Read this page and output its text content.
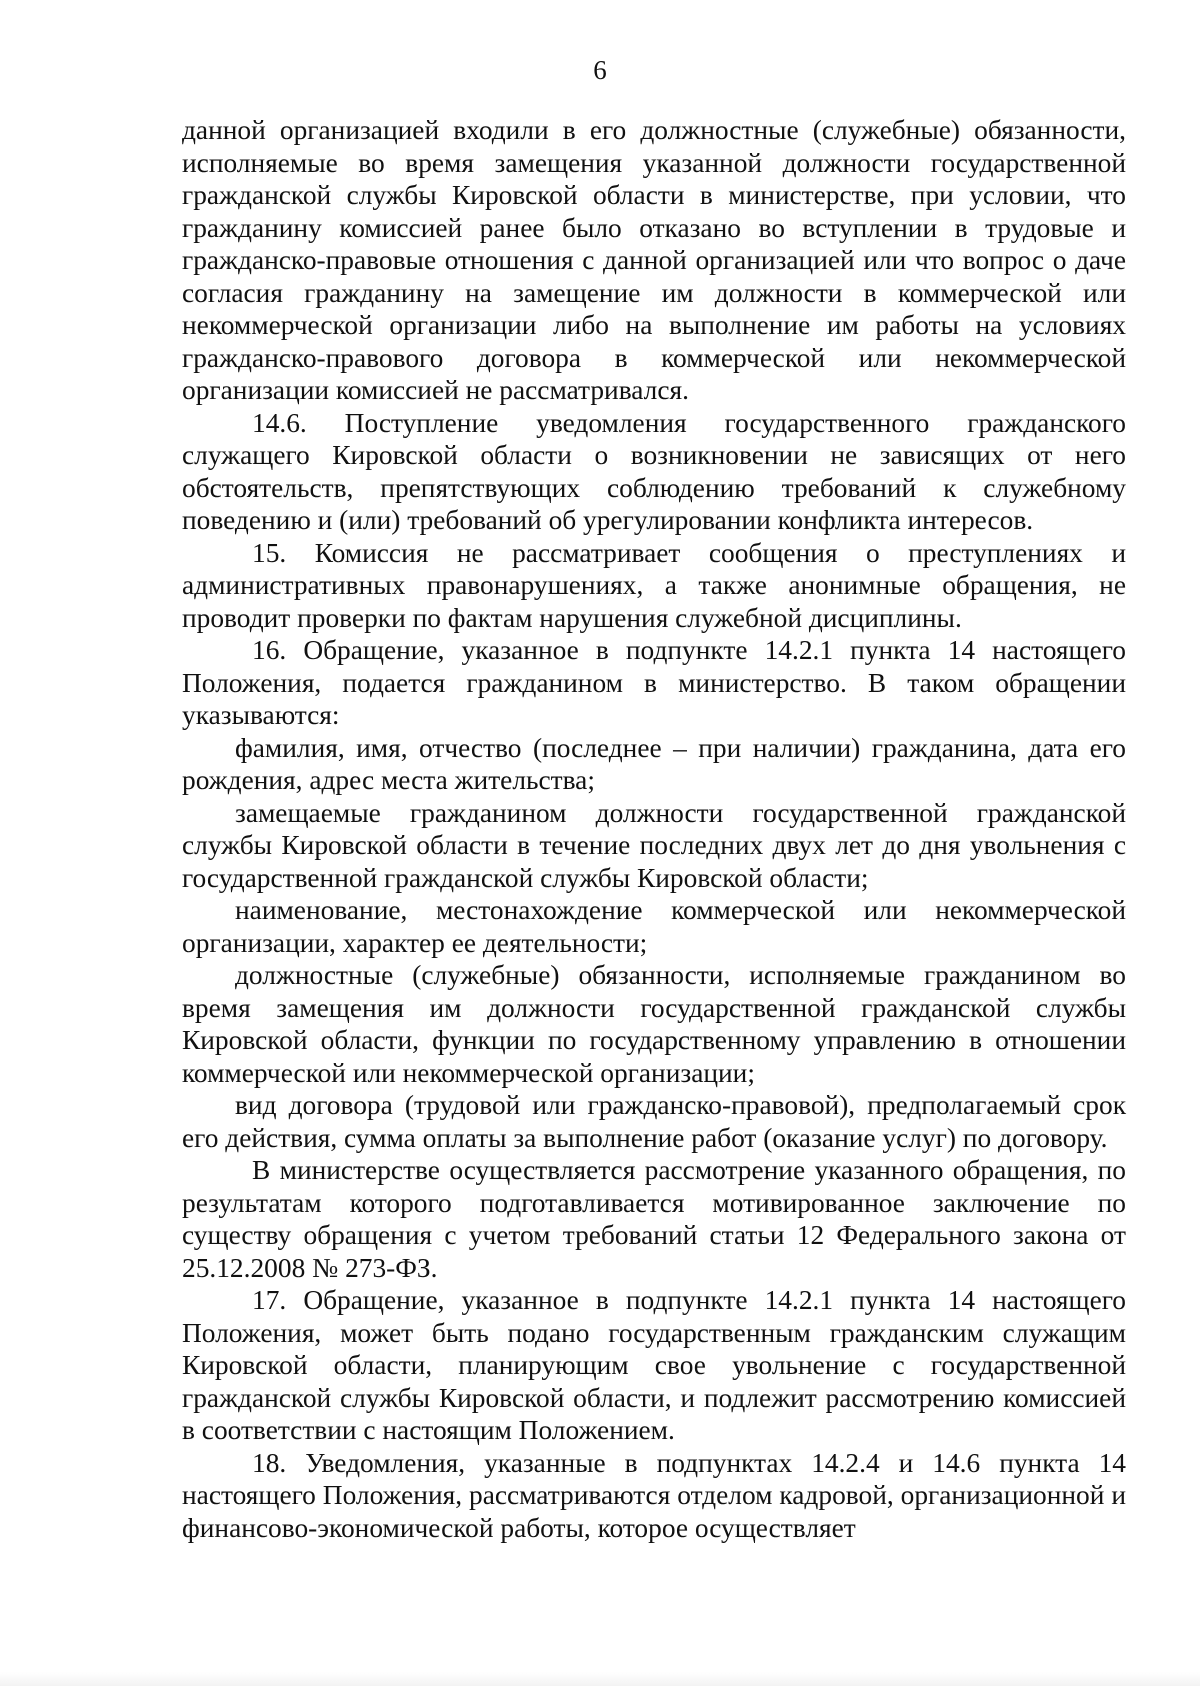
6

данной организацией входили в его должностные (служебные) обязанности, исполняемые во время замещения указанной должности государственной гражданской службы Кировской области в министерстве, при условии, что гражданину комиссией ранее было отказано во вступлении в трудовые и гражданско-правовые отношения с данной организацией или что вопрос о даче согласия гражданину на замещение им должности в коммерческой или некоммерческой организации либо на выполнение им работы на условиях гражданско-правового договора в коммерческой или некоммерческой организации комиссией не рассматривался.

14.6. Поступление уведомления государственного гражданского служащего Кировской области о возникновении не зависящих от него обстоятельств, препятствующих соблюдению требований к служебному поведению и (или) требований об урегулировании конфликта интересов.

15. Комиссия не рассматривает сообщения о преступлениях и административных правонарушениях, а также анонимные обращения, не проводит проверки по фактам нарушения служебной дисциплины.

16. Обращение, указанное в подпункте 14.2.1 пункта 14 настоящего Положения, подается гражданином в министерство. В таком обращении указываются:

фамилия, имя, отчество (последнее – при наличии) гражданина, дата его рождения, адрес места жительства;

замещаемые гражданином должности государственной гражданской службы Кировской области в течение последних двух лет до дня увольнения с государственной гражданской службы Кировской области;

наименование, местонахождение коммерческой или некоммерческой организации, характер ее деятельности;

должностные (служебные) обязанности, исполняемые гражданином во время замещения им должности государственной гражданской службы Кировской области, функции по государственному управлению в отношении коммерческой или некоммерческой организации;

вид договора (трудовой или гражданско-правовой), предполагаемый срок его действия, сумма оплаты за выполнение работ (оказание услуг) по договору.

В министерстве осуществляется рассмотрение указанного обращения, по результатам которого подготавливается мотивированное заключение по существу обращения с учетом требований статьи 12 Федерального закона от 25.12.2008 № 273-ФЗ.

17. Обращение, указанное в подпункте 14.2.1 пункта 14 настоящего Положения, может быть подано государственным гражданским служащим Кировской области, планирующим свое увольнение с государственной гражданской службы Кировской области, и подлежит рассмотрению комиссией в соответствии с настоящим Положением.

18. Уведомления, указанные в подпунктах 14.2.4 и 14.6 пункта 14 настоящего Положения, рассматриваются отделом кадровой, организационной и финансово-экономической работы, которое осуществляет
